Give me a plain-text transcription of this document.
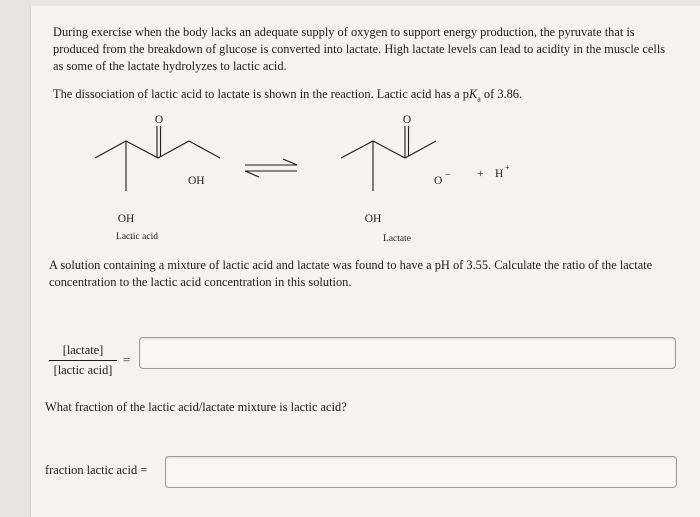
During exercise when the body lacks an adequate supply of oxygen to support energy production, the pyruvate that is
produced from the breakdown of glucose is converted into lactate. High lactate levels can lead to acidity in the muscle cells
as some of the lactate hydrolyzes to lactic acid.

The dissociation of lactic acid to lactate is shown in the reaction. Lactic acid has a $pK_a$ of 3.86.

O
OH
OH
O
O −
OH
+ H
+
Lactic acid	Lactate

A solution containing a mixture of lactic acid and lactate was found to have a pH of 3.55. Calculate the ratio of the lactate
concentration to the lactic acid concentration in this solution.

[lactate]
[lactic acid]
=

What fraction of the lactic acid/lactate mixture is lactic acid?

fraction lactic acid =
